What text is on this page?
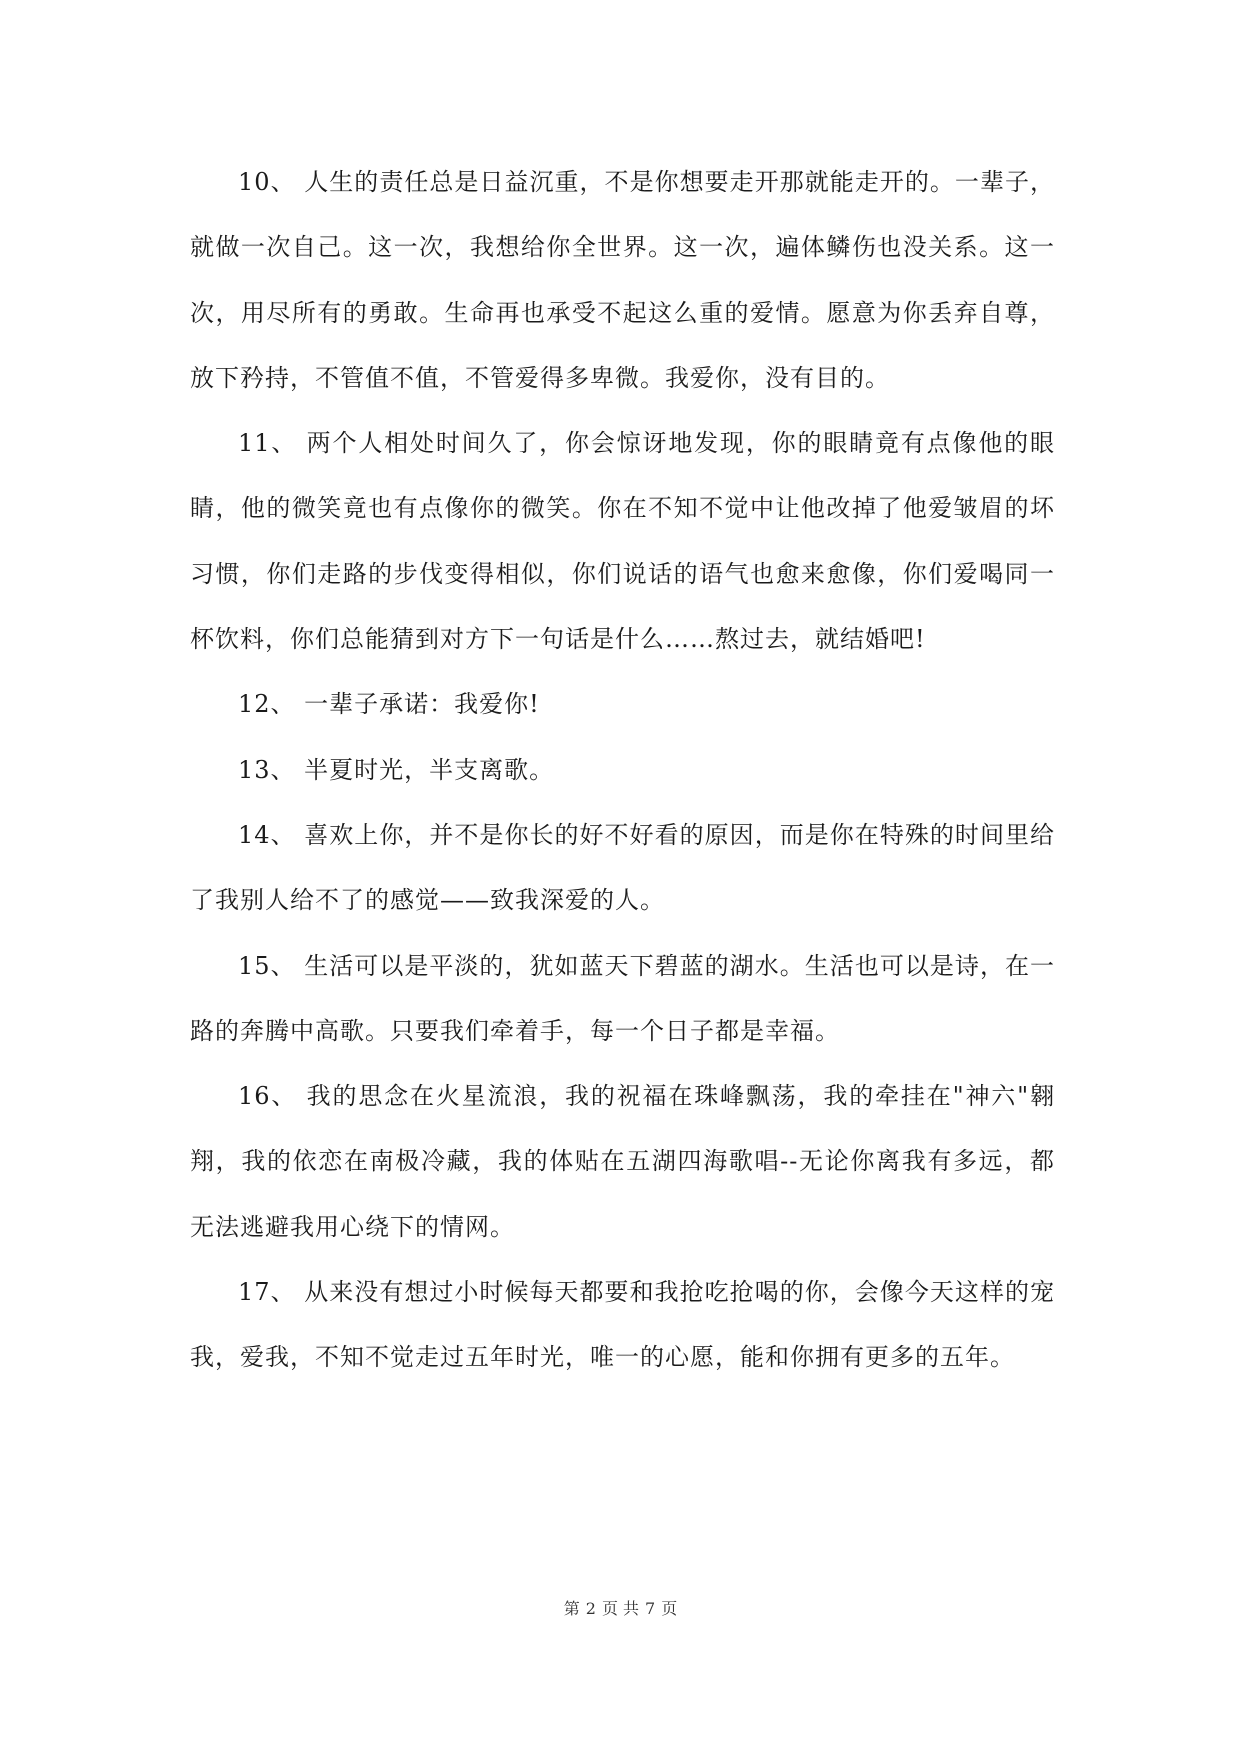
10、 人生的责任总是日益沉重，不是你想要走开那就能走开的。一辈子，就做一次自己。这一次，我想给你全世界。这一次，遍体鳞伤也没关系。这一次，用尽所有的勇敢。生命再也承受不起这么重的爱情。愿意为你丢弃自尊，放下矜持，不管值不值，不管爱得多卑微。我爱你，没有目的。

11、 两个人相处时间久了，你会惊讶地发现，你的眼睛竟有点像他的眼睛，他的微笑竟也有点像你的微笑。你在不知不觉中让他改掉了他爱皱眉的坏习惯，你们走路的步伐变得相似，你们说话的语气也愈来愈像，你们爱喝同一杯饮料，你们总能猜到对方下一句话是什么……熬过去，就结婚吧!

12、 一辈子承诺：我爱你!

13、 半夏时光，半支离歌。

14、 喜欢上你，并不是你长的好不好看的原因，而是你在特殊的时间里给了我别人给不了的感觉——致我深爱的人。

15、 生活可以是平淡的，犹如蓝天下碧蓝的湖水。生活也可以是诗，在一路的奔腾中高歌。只要我们牵着手，每一个日子都是幸福。

16、 我的思念在火星流浪，我的祝福在珠峰飘荡，我的牵挂在"神六"翱翔，我的依恋在南极冷藏，我的体贴在五湖四海歌唱--无论你离我有多远，都无法逃避我用心绕下的情网。

17、 从来没有想过小时候每天都要和我抢吃抢喝的你，会像今天这样的宠我，爱我，不知不觉走过五年时光，唯一的心愿，能和你拥有更多的五年。

第 2 页 共 7 页
